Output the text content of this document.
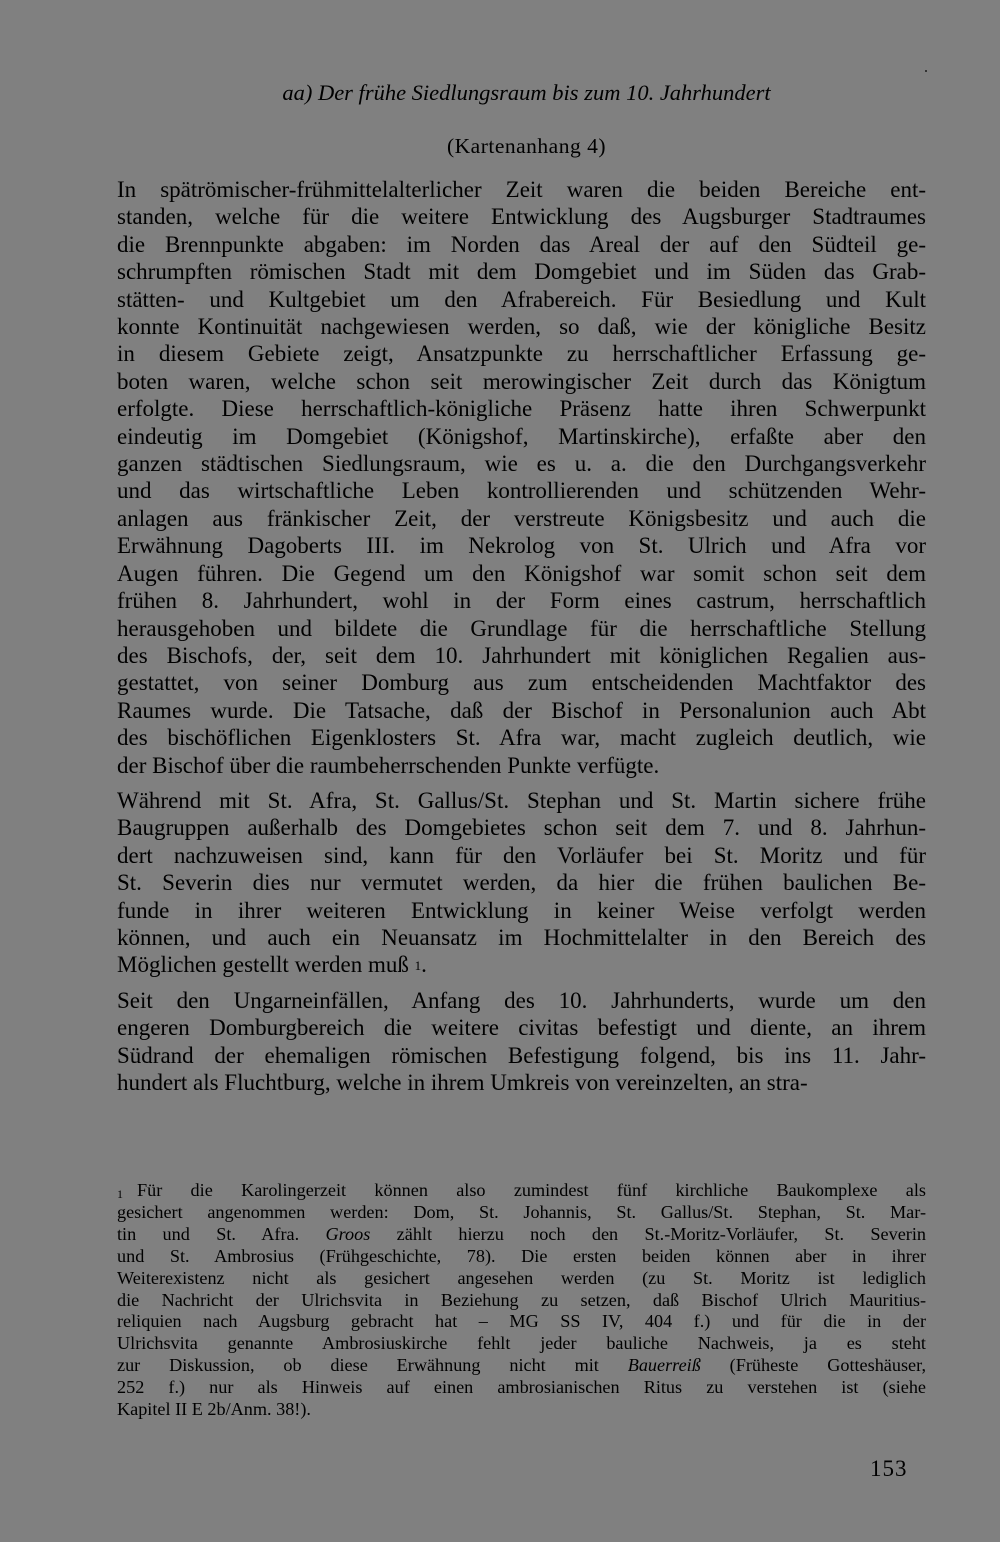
aa) Der frühe Siedlungsraum bis zum 10. Jahrhundert
(Kartenanhang 4)
In spätrömischer-frühmittelalterlicher Zeit waren die beiden Bereiche ent-
standen, welche für die weitere Entwicklung des Augsburger Stadtraumes
die Brennpunkte abgaben: im Norden das Areal der auf den Südteil ge-
schrumpften römischen Stadt mit dem Domgebiet und im Süden das Grab-
stätten- und Kultgebiet um den Afrabereich. Für Besiedlung und Kult
konnte Kontinuität nachgewiesen werden, so daß, wie der königliche Besitz
in diesem Gebiete zeigt, Ansatzpunkte zu herrschaftlicher Erfassung ge-
boten waren, welche schon seit merowingischer Zeit durch das Königtum
erfolgte. Diese herrschaftlich-königliche Präsenz hatte ihren Schwerpunkt
eindeutig im Domgebiet (Königshof, Martinskirche), erfaßte aber den
ganzen städtischen Siedlungsraum, wie es u. a. die den Durchgangsverkehr
und das wirtschaftliche Leben kontrollierenden und schützenden Wehr-
anlagen aus fränkischer Zeit, der verstreute Königsbesitz und auch die
Erwähnung Dagoberts III. im Nekrolog von St. Ulrich und Afra vor
Augen führen. Die Gegend um den Königshof war somit schon seit dem
frühen 8. Jahrhundert, wohl in der Form eines castrum, herrschaftlich
herausgehoben und bildete die Grundlage für die herrschaftliche Stellung
des Bischofs, der, seit dem 10. Jahrhundert mit königlichen Regalien aus-
gestattet, von seiner Domburg aus zum entscheidenden Machtfaktor des
Raumes wurde. Die Tatsache, daß der Bischof in Personalunion auch Abt
des bischöflichen Eigenklosters St. Afra war, macht zugleich deutlich, wie
der Bischof über die raumbeherrschenden Punkte verfügte.
Während mit St. Afra, St. Gallus/St. Stephan und St. Martin sichere frühe
Baugruppen außerhalb des Domgebietes schon seit dem 7. und 8. Jahrhun-
dert nachzuweisen sind, kann für den Vorläufer bei St. Moritz und für
St. Severin dies nur vermutet werden, da hier die frühen baulichen Be-
funde in ihrer weiteren Entwicklung in keiner Weise verfolgt werden
können, und auch ein Neuansatz im Hochmittelalter in den Bereich des
Möglichen gestellt werden muß $^1$.
Seit den Ungarneinfällen, Anfang des 10. Jahrhunderts, wurde um den
engeren Domburgbereich die weitere civitas befestigt und diente, an ihrem
Südrand der ehemaligen römischen Befestigung folgend, bis ins 11. Jahr-
hundert als Fluchtburg, welche in ihrem Umkreis von vereinzelten, an stra-
$^1$ Für die Karolingerzeit können also zumindest fünf kirchliche Baukomplexe als
gesichert angenommen werden: Dom, St. Johannis, St. Gallus/St. Stephan, St. Mar-
tin und St. Afra. Groos zählt hierzu noch den St.-Moritz-Vorläufer, St. Severin
und St. Ambrosius (Frühgeschichte, 78). Die ersten beiden können aber in ihrer
Weiterexistenz nicht als gesichert angesehen werden (zu St. Moritz ist lediglich
die Nachricht der Ulrichsvita in Beziehung zu setzen, daß Bischof Ulrich Mauritius-
reliquien nach Augsburg gebracht hat – MG SS IV, 404 f.) und für die in der
Ulrichsvita genannte Ambrosiuskirche fehlt jeder bauliche Nachweis, ja es steht
zur Diskussion, ob diese Erwähnung nicht mit Bauerreiß (Früheste Gotteshäuser,
252 f.) nur als Hinweis auf einen ambrosianischen Ritus zu verstehen ist (siehe
Kapitel II E 2b/Anm. 38!).
153
